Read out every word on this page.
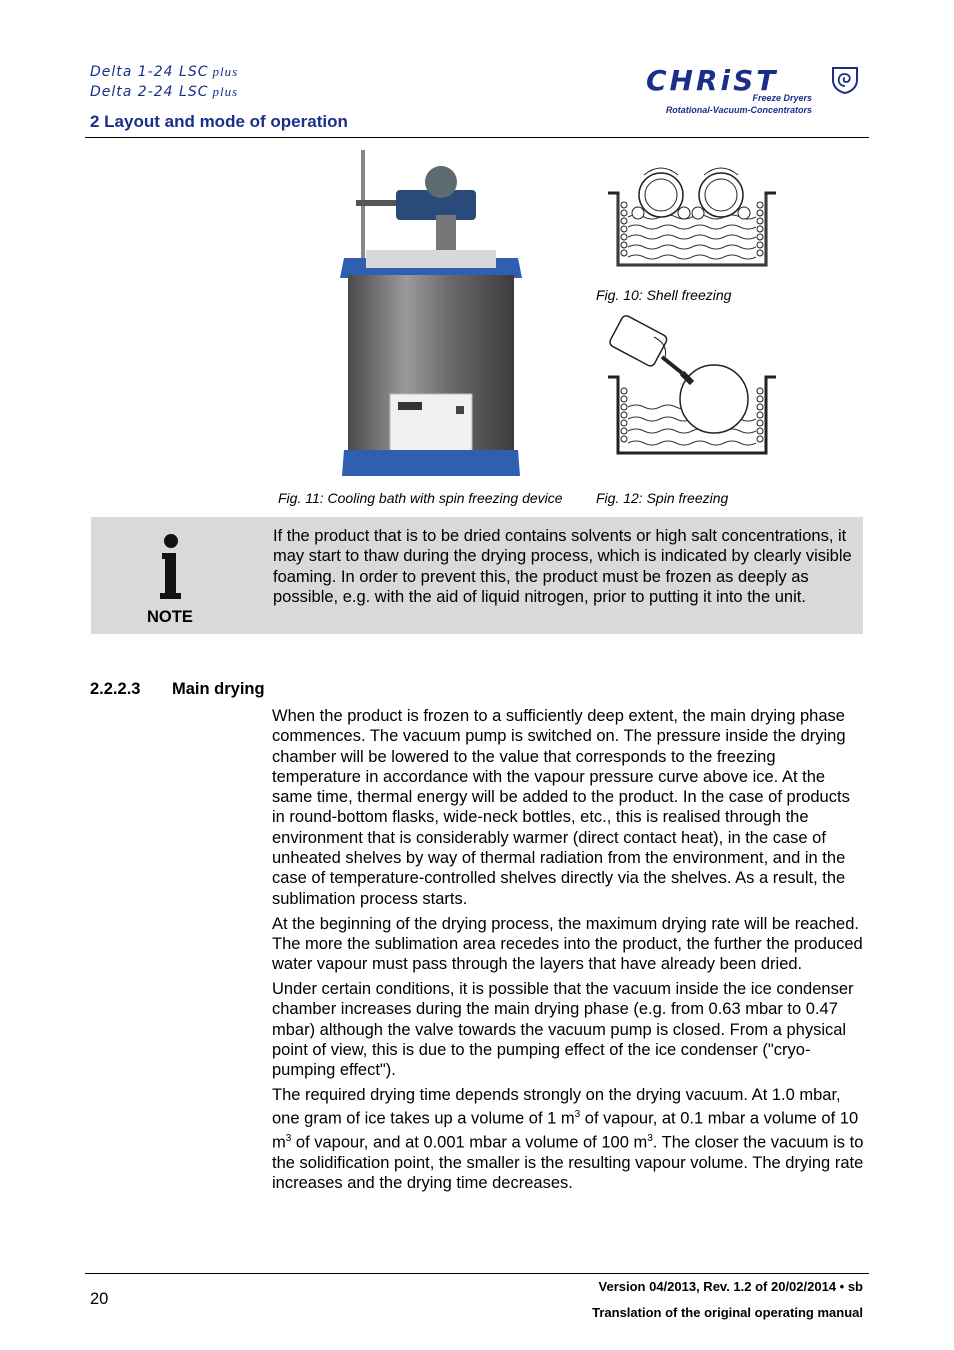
Delta 1-24 LSC plus
Delta 2-24 LSC plus
2 Layout and mode of operation
CHRiST
Freeze Dryers
Rotational-Vacuum-Concentrators
Fig. 10: Shell freezing
Fig. 11: Cooling bath with spin freezing device Fig. 12: Spin freezing
NOTE
If the product that is to be dried contains solvents or high salt concentrations, it may start to thaw during the drying process, which is indicated by clearly visible foaming. In order to prevent this, the product must be frozen as deeply as possible, e.g. with the aid of liquid nitrogen, prior to putting it into the unit.
2.2.2.3 Main drying

When the product is frozen to a sufficiently deep extent, the main drying phase commences. The vacuum pump is switched on. The pressure inside the drying chamber will be lowered to the value that corresponds to the freezing temperature in accordance with the vapour pressure curve above ice. At the same time, thermal energy will be added to the product. In the case of products in round-bottom flasks, wide-neck bottles, etc., this is realised through the environment that is considerably warmer (direct contact heat), in the case of unheated shelves by way of thermal radiation from the environment, and in the case of temperature-controlled shelves directly via the shelves. As a result, the sublimation process starts.

At the beginning of the drying process, the maximum drying rate will be reached. The more the sublimation area recedes into the product, the further the produced water vapour must pass through the layers that have already been dried.

Under certain conditions, it is possible that the vacuum inside the ice condenser chamber increases during the main drying phase (e.g. from 0.63 mbar to 0.47 mbar) although the valve towards the vacuum pump is closed. From a physical point of view, this is due to the pumping effect of the ice condenser ("cryo-pumping effect").

The required drying time depends strongly on the drying vacuum. At 1.0 mbar, one gram of ice takes up a volume of 1 $m^3$ of vapour, at 0.1 mbar a volume of 10 $m^3$ of vapour, and at 0.001 mbar a volume of 100 $m^3$. The closer the vacuum is to the solidification point, the smaller is the resulting vapour volume. The drying rate increases and the drying time decreases.

20
Version 04/2013, Rev. 1.2 of 20/02/2014 • sb
Translation of the original operating manual
